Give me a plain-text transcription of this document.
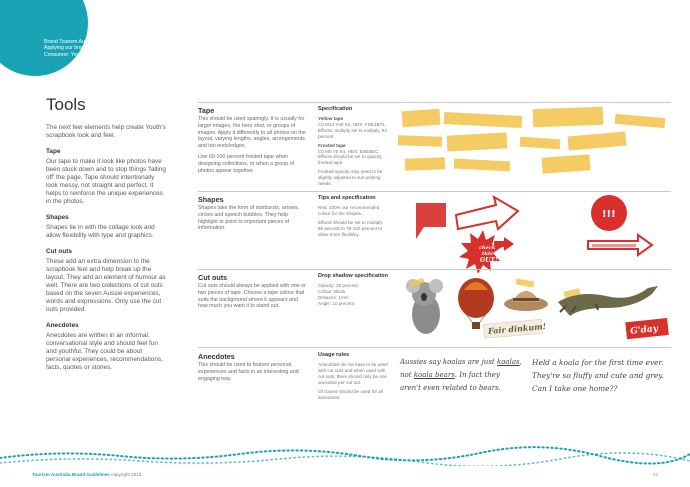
Brand Tourism Australia
Applying our brand
Consumer: Youth
Tools

The next few elements help create Youth's scrapbook look and feel.

Tape

Our tape to make it look like photos have been stuck down and to stop things 'falling off' the page. Tape should intentionally look messy, not straight and perfect. It helps to reinforce the unique experiences in the photos.

Shapes

Shapes tie in with the collage look and allow flexibility with type and graphics.

Cut outs

These add an extra dimension to the scrapbook feel and help break up the layout. They add an element of humour as well. There are two collections of cut outs based on the seven Aussie experiences, words and expressions. Only use the cut outs provided.

Anecdotes

Anecdotes are written in an informal, conversational style and should feel fun and youthful. They could be about personal experiences, recommendations, facts, quotes or stories.

Tape

This should be used sparingly. It is usually for larger images, the hero shot, or groups of images. Apply it differently to all photos on the layout, varying lengths, angles, arrangements and tan ends/edges.

Use 60-100 percent frosted tape when designing collections, or when a group of photos appear together.

Specification

Yellow tape

C0 M14 Y60 K0, HEX: FDE1B71. Effects: multiply set to multiply, 84 percent

Frosted tape

C0 M0 Y0 K4, HEX: EBEBEC. Effects should be set to opacity, frosted tape

Frosted opacity may need to be slightly adjusted to suit printing needs.

Shapes

Shapes take the form of starbursts, arrows, circles and speech bubbles. They help highlight or point to important pieces of information.

Tips and specification

Red: 100% our recommended colour for the shapes.

Effects should be set to multiply 85 percent to 75-100 percent to allow more flexibility.

check
this
OUT!
!!!
Cut outs

Cut outs should always be applied with one or two pieces of tape. Choose a tape colour that suits the background where it appears and how much you want it to stand out.

Drop shadow specification

Opacity: 25 percent

Colour: Black

Distance: 1mm

Angle: 10 percent

Fair dinkum!	G'day
Anecdotes

This should be used to feature personal experiences and facts in an interesting and engaging way.

Usage rules

Anecdotes do not have to be used with cut outs and when used with cut outs, there should only be one anecdote per cut out.

Of course should be used for all anecdotes.

Aussies say koalas are just koalas, not koala bears. In fact they aren't even related to bears.
Held a koala for the first time ever. They're so fluffy and cute and grey. Can I take one home??
Tourism Australia Brand Guidelines copyright 2013	61
